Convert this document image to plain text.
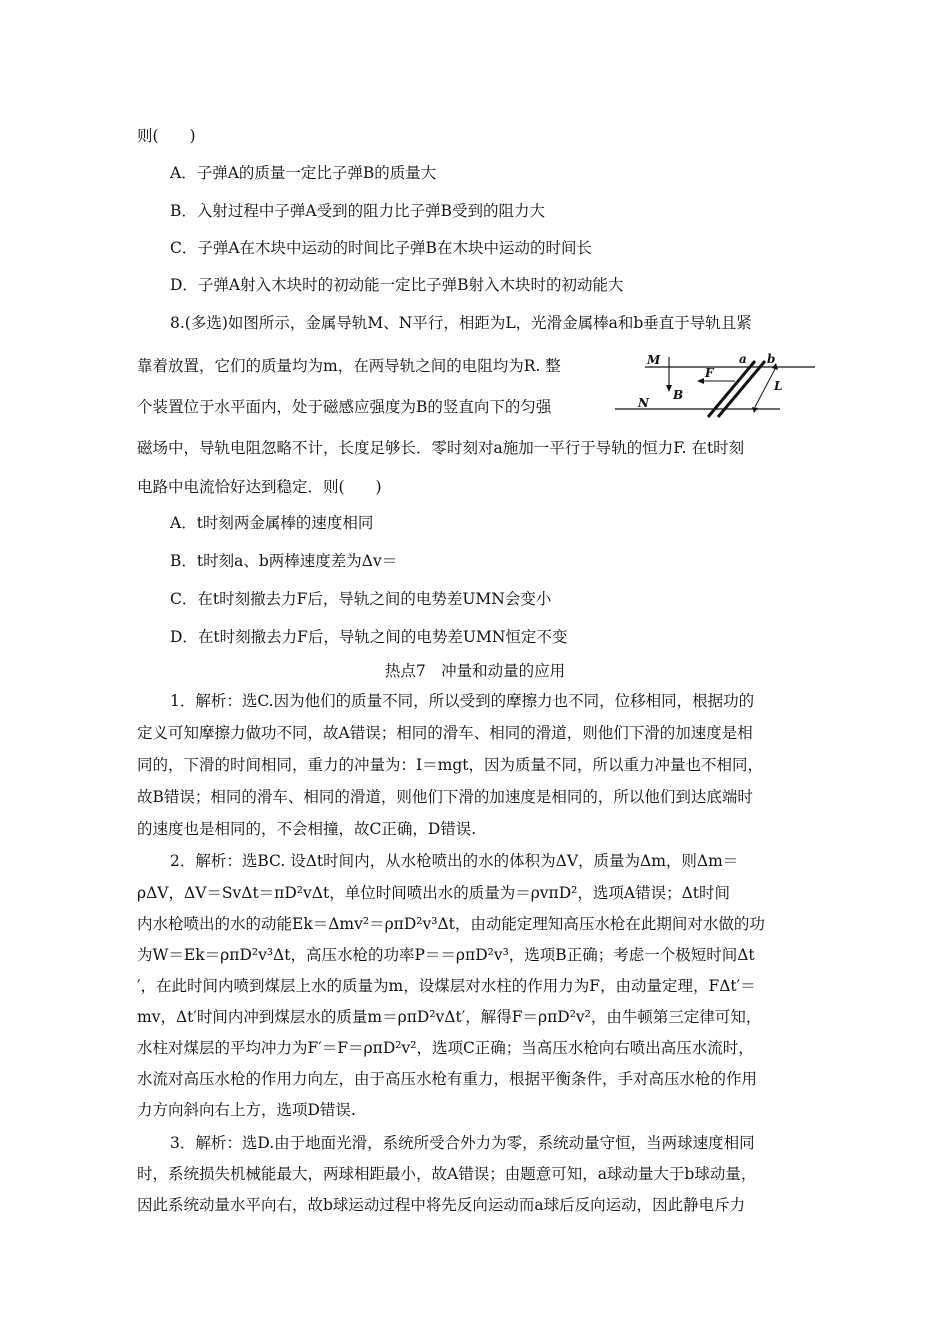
则(　　)
A．子弹A的质量一定比子弹B的质量大
B．入射过程中子弹A受到的阻力比子弹B受到的阻力大
C．子弹A在木块中运动的时间比子弹B在木块中运动的时间长
D．子弹A射入木块时的初动能一定比子弹B射入木块时的初动能大
8.(多选)如图所示，金属导轨M、N平行，相距为L，光滑金属棒a和b垂直于导轨且紧
靠着放置，它们的质量均为m，在两导轨之间的电阻均为R. 整
个装置位于水平面内，处于磁感应强度为B的竖直向下的匀强
磁场中，导轨电阻忽略不计，长度足够长．零时刻对a施加一平行于导轨的恒力F. 在t时刻
电路中电流恰好达到稳定．则(　　)
M
N
B
F
a b
L
A．t时刻两金属棒的速度相同
B．t时刻a、b两棒速度差为Δv＝
C．在t时刻撤去力F后，导轨之间的电势差UMN会变小
D．在t时刻撤去力F后，导轨之间的电势差UMN恒定不变
热点7　冲量和动量的应用
1．解析：选C.因为他们的质量不同，所以受到的摩擦力也不同，位移相同，根据功的
定义可知摩擦力做功不同，故A错误；相同的滑车、相同的滑道，则他们下滑的加速度是相
同的，下滑的时间相同，重力的冲量为：I＝mgt，因为质量不同，所以重力冲量也不相同，
故B错误；相同的滑车、相同的滑道，则他们下滑的加速度是相同的，所以他们到达底端时
的速度也是相同的，不会相撞，故C正确，D错误.
2．解析：选BC. 设Δt时间内，从水枪喷出的水的体积为ΔV，质量为Δm，则Δm＝
ρΔV，ΔV＝SvΔt＝πD²vΔt，单位时间喷出水的质量为＝ρvπD²，选项A错误；Δt时间
内水枪喷出的水的动能Ek＝Δmv²＝ρπD²v³Δt，由动能定理知高压水枪在此期间对水做的功
为W＝Ek＝ρπD²v³Δt，高压水枪的功率P＝＝ρπD²v³，选项B正确；考虑一个极短时间Δt
′，在此时间内喷到煤层上水的质量为m，设煤层对水柱的作用力为F，由动量定理，FΔt′＝
mv，Δt′时间内冲到煤层水的质量m＝ρπD²vΔt′，解得F＝ρπD²v²，由牛顿第三定律可知，
水柱对煤层的平均冲力为F′＝F＝ρπD²v²，选项C正确；当高压水枪向右喷出高压水流时，
水流对高压水枪的作用力向左，由于高压水枪有重力，根据平衡条件，手对高压水枪的作用
力方向斜向右上方，选项D错误.
3．解析：选D.由于地面光滑，系统所受合外力为零，系统动量守恒，当两球速度相同
时，系统损失机械能最大，两球相距最小，故A错误；由题意可知，a球动量大于b球动量，
因此系统动量水平向右，故b球运动过程中将先反向运动而a球后反向运动，因此静电斥力
